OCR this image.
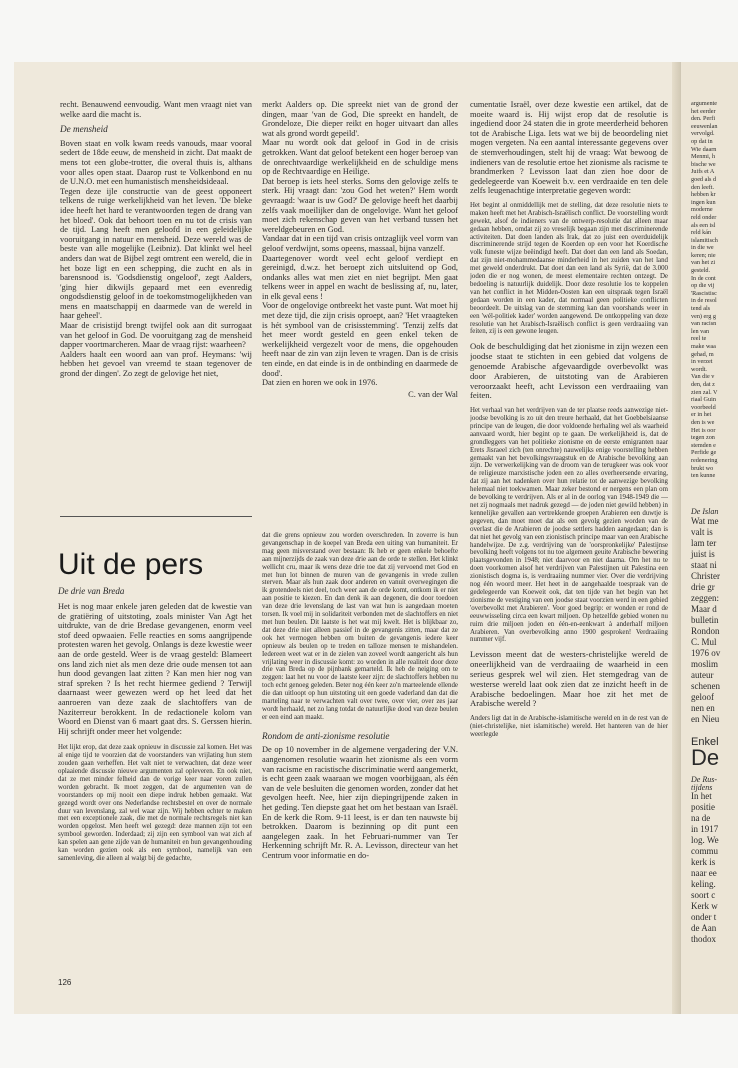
recht. Benauwend eenvoudig. Want men vraagt niet van welke aard die macht is.

De mensheid

Boven staat en volk kwam reeds vanouds, maar vooral sedert de 18de eeuw, de mensheid in zicht. Dat maakt de mens tot een globe-trotter, die overal thuis is, althans voor alles open staat. Daarop rust te Volkenbond en nu de U.N.O. met een humanistisch mensheidsideaal.

Tegen deze ijle constructie van de geest opponeert telkens de ruige werkelijkheid van het leven. 'De bleke idee heeft het hard te verantwoorden tegen de drang van het bloed'. Ook dat behoort toen en nu tot de crisis van de tijd. Lang heeft men geloofd in een geleidelijke vooruitgang in natuur en mensheid. Deze wereld was de beste van alle mogelijke (Leibniz). Dat klinkt wel heel anders dan wat de Bijbel zegt omtrent een wereld, die in het boze ligt en een schepping, die zucht en als in barensnood is. 'Godsdienstig ongeloof', zegt Aalders, 'ging hier dikwijls gepaard met een evenredig ongodsdienstig geloof in de toekomstmogelijkheden van mens en maatschappij en daarmede van de wereld in haar geheel'.

Maar de crisistijd brengt twijfel ook aan dit surrogaat van het geloof in God. De vooruitgang zag de mensheid dapper voortmarcheren. Maar de vraag rijst: waarheen?

Aalders haalt een woord aan van prof. Heymans: 'wij hebben het gevoel van vreemd te staan tegenover de grond der dingen'. Zo zegt de gelovige het niet,

merkt Aalders op. Die spreekt niet van de grond der dingen, maar 'van de God, Die spreekt en handelt, de Grondeloze, Die dieper reikt en hoger uitvaart dan alles wat als grond wordt gepeild'.

Maar nu wordt ook dat geloof in God in de crisis getrokken. Want dat geloof betekent een hoger beroep van de onrechtvaardige werkelijkheid en de schuldige mens op de Rechtvaardige en Heilige.

Dat beroep is iets heel sterks. Soms den gelovige zelfs te sterk. Hij vraagt dan: 'zou God het weten?' Hem wordt gevraagd: 'waar is uw God?' De gelovige heeft het daarbij zelfs vaak moeilijker dan de ongelovige. Want het geloof moet zich rekenschap geven van het verband tussen het wereldgebeuren en God.

Vandaar dat in een tijd van crisis ontzaglijk veel vorm van geloof verdwijnt, soms opeens, massaal, bijna vanzelf.

Daartegenover wordt veel echt geloof verdiept en gereinigd, d.w.z. het beroept zich uitsluitend op God, ondanks alles wat men ziet en niet begrijpt. Men gaat telkens weer in appel en wacht de beslissing af, nu, later, in elk geval eens !

Voor de ongelovige ontbreekt het vaste punt. Wat moet hij met deze tijd, die zijn crisis oproept, aan? 'Het vraagteken is hét symbool van de crisisstemming'. 'Tenzij zelfs dat het meer wordt gesteld en geen enkel teken de werkelijkheid vergezelt voor de mens, die opgehouden heeft naar de zin van zijn leven te vragen. Dan is de crisis ten einde, en dat einde is in de ontbinding en daarmede de dood'.

Dat zien en horen we ook in 1976.

C. van der Wal

cumentatie Israël, over deze kwestie een artikel, dat de moeite waard is. Hij wijst erop dat de resolutie is ingediend door 24 staten die in grote meerderheid behoren tot de Arabische Liga. Iets wat we bij de beoordeling niet mogen vergeten. Na een aantal interessante gegevens over de stemverhoudingen, stelt hij de vraag: Wat bewoog de indieners van de resolutie ertoe het zionisme als racisme te brandmerken ? Levisson laat dan zien hoe door de gedelegeerde van Koeweit b.v. een verdraaide en ten dele zelfs leugenachtige interpretatie gegeven wordt:

Het begint al onmiddellijk met de stelling, dat deze resolutie niets te maken heeft met het Arabisch-Israëlisch conflict. De voorstelling wordt gewekt, alsof de indieners van de ontwerp-resolutie dat alleen maar gedaan hebben, omdat zij zo vreselijk begaan zijn met discriminerende activiteiten. Dat doen landen als Irak, dat zo juist een overduidelijk discriminerende strijd tegen de Koerden op een voor het Koerdische volk funeste wijze beëindigd heeft. Dat doet dan een land als Soedan, dat zijn niet-mohammedaanse minderheid in het zuiden van het land met geweld onderdrukt. Dat doet dan een land als Syrië, dat de 3.000 joden die er nog wonen, de meest elementaire rechten ontzegt. De bedoeling is natuurlijk duidelijk. Door deze resolutie los te koppelen van het conflict in het Midden-Oosten kan een uitspraak tegen Israël gedaan worden in een kader, dat normaal geen politieke conflicten beoordeelt. De uitslag van de stemming kan dan voorshands weer in een 'wél-politiek kader' worden aangewend. De ontkoppeling van deze resolutie van het Arabisch-Israëlisch conflict is geen verdraaiing van feiten, zij is een gewone leugen.

Ook de beschuldiging dat het zionisme in zijn wezen een joodse staat te stichten in een gebied dat volgens de genoemde Arabische afgevaardigde overbevolkt was door Arabieren, de uitstoting van de Arabieren veroorzaakt heeft, acht Levisson een verdraaiing van feiten.

Het verhaal van het verdrijven van de ter plaatse reeds aanwezige niet-joodse bevolking is zo uit den treure herhaald, dat het Goebbelsiaanse principe van de leugen, die door voldoende herhaling wel als waarheid aanvaard wordt, hier begint op te gaan. De werkelijkheid is, dat de grondleggers van het politieke zionisme en de eerste emigranten naar Erets Jisraeel zich (ten onrechte) nauwelijks enige voorstelling hebben gemaakt van het bevolkingsvraagstuk en de Arabische bevolking aan zijn. De verwerkelijking van de droom van de terugkeer was ook voor de religieuze marxistische joden een zo alles overheersende ervaring, dat zij aan het nadenken over hun relatie tot de aanwezige bevolking helemaal niet toekwamen. Maar zeker bestond er nergens een plan om de bevolking te verdrijven. Als er al in de oorlog van 1948-1949 die — net zij nogmaals met nadruk gezegd — de joden niet gewild hebben) in kennelijke gevallen aan vertrekkende groepen Arabieren een duwtje is gegeven, dan moet moet dat als een gevolg gezien worden van de overlast die de Arabieren de joodse settlers hadden aangedaan; dan is dat niet het gevolg van een zionistisch principe maar van een Arabische handelwijze. De z.g. verdrijving van de 'oorspronkelijke' Palestijnse bevolking heeft volgens tot nu toe algemeen geuite Arabische bewering plaatsgevonden in 1948; niet daarvoor en niet daarna. Om het nu te doen voorkomen alsof het verdrijven van Palestijnen uit Palestina een zionistisch dogma is, is verdraaiing nummer vier. Over die verdrijving nog één woord meer. Het heet in de aangehaalde toespraak van de gedelegeerde van Koeweit ook, dat ten tijde van het begin van het zionisme de vestiging van een joodse staat voorzien werd in een gebied 'overbevolkt met Arabieren'. Voor goed begrip: er wonden er rond de eeuwwisseling circa een kwart miljoen. Op hetzelfde gebied wonen nu ruim drie miljoen joden en één-en-eenkwart à anderhalf miljoen Arabieren. Van overbevolking anno 1900 gesproken! Verdraaiing nummer vijf.

Levisson meent dat de westers-christelijke wereld de oneerlijkheid van de verdraaiing de waarheid in een serieus gesprek wel wil zien. Het stemgedrag van de westerse wereld laat ook zien dat ze inzicht heeft in de Arabische bedoelingen. Maar hoe zit het met de Arabische wereld ?

Anders ligt dat in de Arabische-islamitische wereld en in de rest van de (niet-christelijke, niet islamitische) wereld. Het hanteren van de hier weerlegde

Uit de pers
De drie van Breda

Het is nog maar enkele jaren geleden dat de kwestie van de gratiëring of uitstoting, zoals minister Van Agt het uitdrukte, van de drie Bredase gevangenen, enorm veel stof deed opwaaien. Felle reacties en soms aangrijpende protesten waren het gevolg. Onlangs is deze kwestie weer aan de orde gesteld. Weer is de vraag gesteld: Blameert ons land zich niet als men deze drie oude mensen tot aan hun dood gevangen laat zitten ? Kan men hier nog van straf spreken ? Is het recht hiermee gediend ? Terwijl daarnaast weer gewezen werd op het leed dat het aanroeren van deze zaak de slachtoffers van de Naziterreur berokkent. In de redactionele kolom van Woord en Dienst van 6 maart gaat drs. S. Gerssen hierin. Hij schrijft onder meer het volgende:

Het lijkt erop, dat deze zaak opnieuw in discussie zal komen. Het was al enige tijd te voorzien dat de voorstanders van vrijlating hun stem zouden gaan verheffen. Het valt niet te verwachten, dat deze weer oplaaiende discussie nieuwe argumenten zal opleveren. En ook niet, dat ze met minder felheid dan de vorige keer naar voren zullen worden gebracht. Ik moet zeggen, dat de argumenten van de voorstanders op mij nooit een diepe indruk hebben gemaakt. Wat gezegd wordt over ons Nederlandse rechtsbestel en over de normale duur van levenslang, zal wel waar zijn. Wij hebben echter te maken met een exceptionele zaak, die met de normale rechtsregels niet kan worden opgelost. Men heeft wel gezegd: deze mannen zijn tot een symbool geworden. Inderdaad; zij zijn een symbool van wat zich af kan spelen aan gene zijde van de humaniteit en hun gevangenhouding kan worden gezien ook als een symbool, namelijk van een samenleving, die alleen al walgt bij de gedachte,

dat die grens opnieuw zou worden overschreden. In zoverre is hun gevangenschap in de koepel van Breda een uiting van humaniteit. Er mag geen misverstand over bestaan: Ik heb er geen enkele behoefte aan mijnerzijds de zaak van deze drie aan de orde te stellen. Het klinkt wellicht cru, maar ik wens deze drie toe dat zij vervoend met God en met hun lot binnen de muren van de gevangenis in vrede zullen sterven. Maar als hun zaak door anderen en vanuit overwegingen die ik grotendeels niet deel, toch weer aan de orde komt, ontkom ik er niet aan positie te kiezen. En dan denk ik aan degenen, die door toedoen van deze drie levenslang de last van wat hun is aangedaan moeten torsen. Ik voel mij in solidariteit verbonden met de slachtoffers en niet met hun beulen. Dit laatste is het wat mij kwelt. Het is blijkbaar zo, dat deze drie niet alleen passief in de gevangenis zitten, maar dat ze ook het vermogen hebben om buiten de gevangenis iedere keer opnieuw als beulen op te treden en talloze mensen te mishandelen. Iedereen weet wat er in de zielen van zoveel wordt aangericht als hun vrijlating weer in discussie komt: zo worden in alle realiteit door deze drie van Breda op de pijnbank gemarteld. Ik heb de neiging om te zeggen: laat het nu voor de laatste keer zijn: de slachtoffers hebben nu toch echt genoeg geleden. Beter nog één keer zo'n marteelende ellende die dan uitloopt op hun uitstoting uit een goede vaderland dan dat die marteling naar te verwachten valt over twee, over vier, over zes jaar wordt herhaald, net zo lang totdat de natuurlijke dood van deze beulen er een eind aan maakt.

Rondom de anti-zionisme resolutie

De op 10 november in de algemene vergadering der V.N. aangenomen resolutie waarin het zionisme als een vorm van racisme en racistische discriminatie werd aangemerkt, is echt geen zaak waaraan we mogen voorbijgaan, als één van de vele besluiten die genomen worden, zonder dat het gevolgen heeft. Nee, hier zijn diepingrijpende zaken in het geding. Ten diepste gaat het om het bestaan van Israël. En de kerk die Rom. 9-11 leest, is er dan ten nauwste bij betrokken. Daarom is bezinning op dit punt een aangelegen zaak. In het Februari-nummer van Ter Herkenning schrijft Mr. R. A. Levisson, directeur van het Centrum voor informatie en do-

126

argumente

het eerder

den. Perfi

eeuwenlan

vervolgd.

op dat in

Wie daarn

Menmi, h

bische we

Juifs et A

goed als d

den leeft.

hebben kr

ingen kun

moderne

reld onder

als een isl

reld kán

islamitisch

in die we

keren; nie

van het zi

gesteld.

In de cont

op die vij

'Rascistisc

in de resol

tend als

ven) erg g

van racisn

len van

reel te

make waa

gehad, m

in verzet

wordt.

Van die v

den, dat z

zien zal. V

riaal Guin

voorbeeld

er in het

den is we

Het is oor

tegen zon

stemden e

Perfide ge

redenering

brukt wo

ten kunne

De Islan

Wat me

valt is

lam ter

juist is

staat ni

Christer

drie gr

zeggen:

Maar d

bulletin

Rondon

C. Mul

1976 ov

moslim

auteur

schenen

geloof

nen en

en Nieu

Enkel

De

De Rus-
tijdens

In het

positie

na de

in 1917

log. We

commu

kerk is

naar ee

keling.

soort c

Kerk w

onder t

de Aan

thodox
